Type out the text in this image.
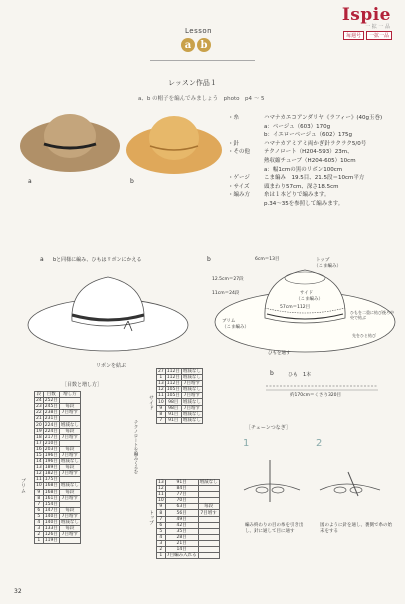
Ispie
一 拡 一 品
毎週号	一拡一品
Lesson
a b
レッスン作品１
a、b の帽子を編んでみましょう　photo　p4 ～ 5
a	b
・糸	ハマナカエコアンダリヤ《ラフィー》(40g玉巻)
a：ベージュ（603）170g
b：イエローベージュ（602）175g
・針	ハマナカアミアミ両かぎ針ラクラク5/0号
・その他	テクノロート（H204-593）23m、
熱収縮チューブ（H204-605）10cm
a：幅1cmの黒のリボン100cm
・ゲージ	こま編み　19.5目、21.5段＝10cm平方
・サイズ	頭まわり57cm、深さ18.5cm
・編み方	糸は１本どりで編みます。
p.34～35を参照して編みます。
a bと同様に編み、ひもはリボンにかえる
リボンを結ぶ
b	6cm＝13目	トップ
（こま編み）
12.5cm＝27段
サイド
（こま編み）
57cm＝112目
11cm＝24段
ブリム
（こま編み）
ひもを二重に結び後ろ中央で結ぶ
先をひと結び
ひもを通す
［目数と増し方］
段	目数	増し方
24	252目	
23	245目	毎段
22	238目	7目増す
21	231目	
20	224目	増減なし
19	224目	毎段
18	217目	7目増す
17	210目	
16	203目	毎段
15	196目	7目増す
14	196目	増減なし
13	189目	毎段
12	182目	7目増す
11	175目	
10	168目	増減なし
9	168目	毎段
8	161目	7目増す
7	154目	
6	147目	毎段
5	140目	7目増す
4	140目	増減なし
3	133目	毎段
2	126目	7目増す
1	119目	
ブリム
テクノロートを編みくるむ
27	112目	増減なし
1	112目	増減なし
13	112目	7目増す
12	105目	増減なし
11	105目	7目増す
10	98目	増減なし
9	98目	7目増す
8	91目	増減なし
7	91目	増減なし
サイド
13	91目	増減なし
12	84目	
11	77目	
10	70目	
9	63目	毎段
8	56目	7目増す
7	49目	
6	42目	
5	35目	
4	28目	
3	21目	
2	14目	
1	7目編み入れる	
トップ
b	ひも　1本
約170cm＝くさり320目
［チェーンつなぎ］
1	2
編み終わりの目の糸を引き出し、針に通して目に通す
図のように針を通し、裏側で糸の始末をする
32
